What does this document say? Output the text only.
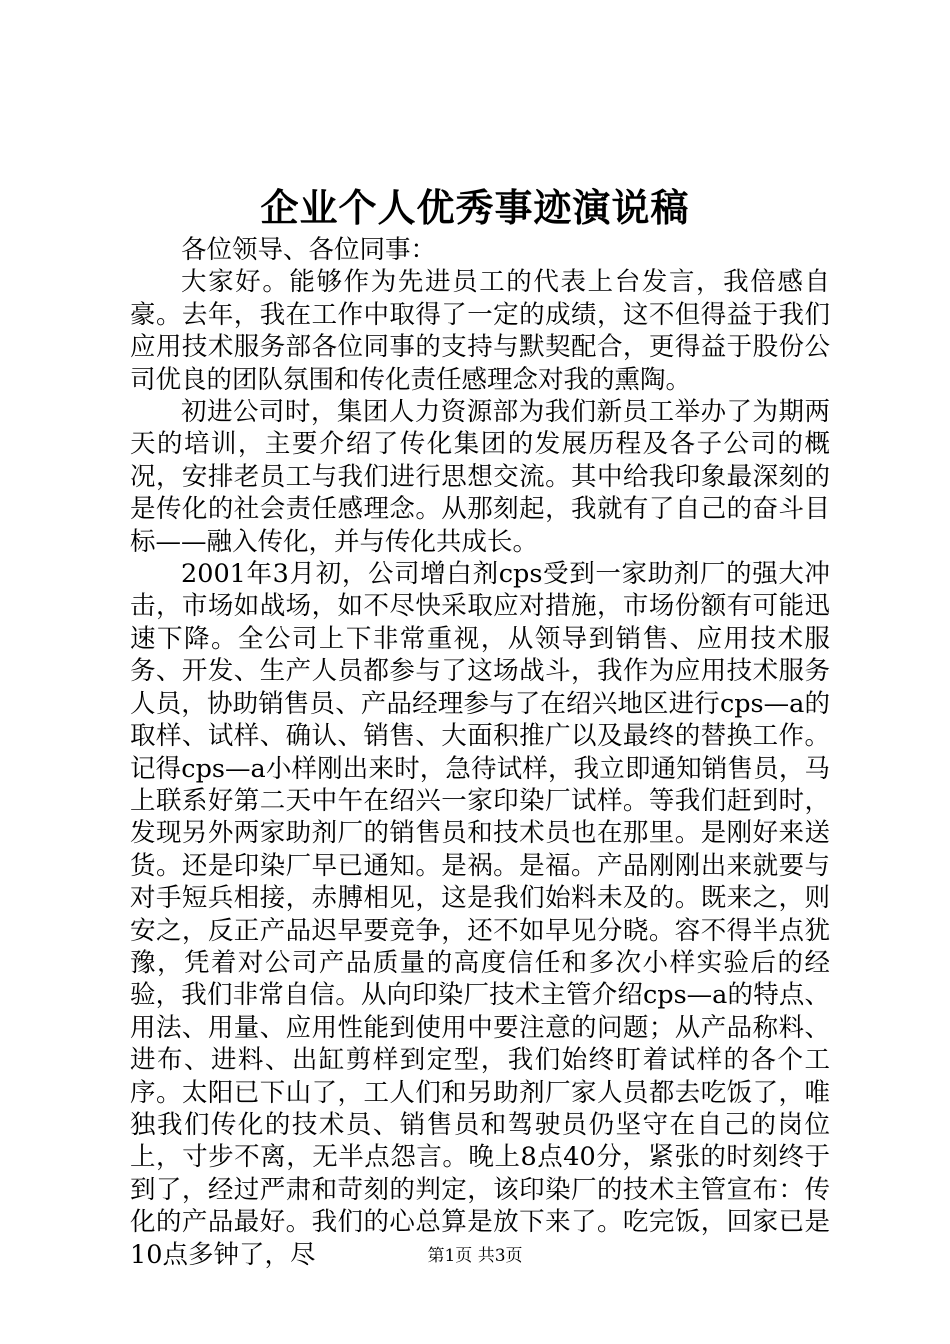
企业个人优秀事迹演说稿

各位领导、各位同事：

大家好。能够作为先进员工的代表上台发言，我倍感自豪。去年，我在工作中取得了一定的成绩，这不但得益于我们应用技术服务部各位同事的支持与默契配合，更得益于股份公司优良的团队氛围和传化责任感理念对我的熏陶。

初进公司时，集团人力资源部为我们新员工举办了为期两天的培训，主要介绍了传化集团的发展历程及各子公司的概况，安排老员工与我们进行思想交流。其中给我印象最深刻的是传化的社会责任感理念。从那刻起，我就有了自己的奋斗目标——融入传化，并与传化共成长。

2001年3月初，公司增白剂cps受到一家助剂厂的强大冲击，市场如战场，如不尽快采取应对措施，市场份额有可能迅速下降。全公司上下非常重视，从领导到销售、应用技术服务、开发、生产人员都参与了这场战斗，我作为应用技术服务人员，协助销售员、产品经理参与了在绍兴地区进行cps—a的取样、试样、确认、销售、大面积推广以及最终的替换工作。记得cps—a小样刚出来时，急待试样，我立即通知销售员，马上联系好第二天中午在绍兴一家印染厂试样。等我们赶到时，发现另外两家助剂厂的销售员和技术员也在那里。是刚好来送货。还是印染厂早已通知。是祸。是福。产品刚刚出来就要与对手短兵相接，赤膊相见，这是我们始料未及的。既来之，则安之，反正产品迟早要竞争，还不如早见分晓。容不得半点犹豫，凭着对公司产品质量的高度信任和多次小样实验后的经验，我们非常自信。从向印染厂技术主管介绍cps—a的特点、用法、用量、应用性能到使用中要注意的问题；从产品称料、进布、进料、出缸剪样到定型，我们始终盯着试样的各个工序。太阳已下山了，工人们和另助剂厂家人员都去吃饭了，唯独我们传化的技术员、销售员和驾驶员仍坚守在自己的岗位上，寸步不离，无半点怨言。晚上8点40分，紧张的时刻终于到了，经过严肃和苛刻的判定，该印染厂的技术主管宣布：传化的产品最好。我们的心总算是放下来了。吃完饭，回家已是10点多钟了，尽	第1页 共3页
